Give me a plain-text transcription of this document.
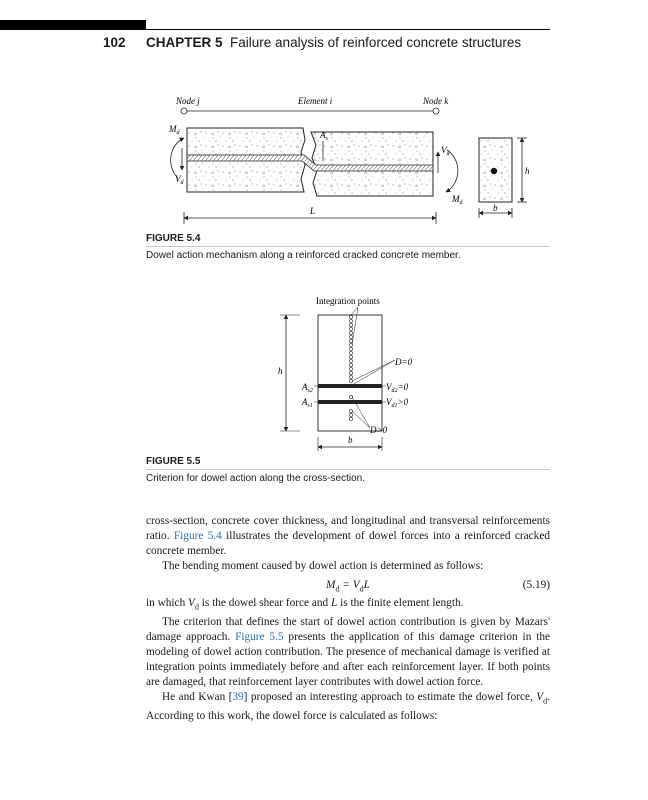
102 CHAPTER 5 Failure analysis of reinforced concrete structures
Node j	Element i	Node k
$A_s$
$M_d$
$V_d$
$V_d$
$M_d$
L
h
b
FIGURE 5.4
Dowel action mechanism along a reinforced cracked concrete member.
Integration points
D=0
D>0
$A_{s2}$
$A_{s1}$
$V_{d2}=0$
$V_{d1}>0$
h
b
FIGURE 5.5
Criterion for dowel action along the cross-section.

cross-section, concrete cover thickness, and longitudinal and transversal reinforcements ratio. Figure 5.4 illustrates the development of dowel forces into a reinforced cracked concrete member.

The bending moment caused by dowel action is determined as follows:

$M_d = V_dL$	(5.19)

in which $V_d$ is the dowel shear force and L is the finite element length.

The criterion that defines the start of dowel action contribution is given by Mazars' damage approach. Figure 5.5 presents the application of this damage criterion in the modeling of dowel action contribution. The presence of mechanical damage is verified at integration points immediately before and after each reinforcement layer. If both points are damaged, that reinforcement layer contributes with dowel action force.

He and Kwan [39] proposed an interesting approach to estimate the dowel force, $V_d$. According to this work, the dowel force is calculated as follows:
